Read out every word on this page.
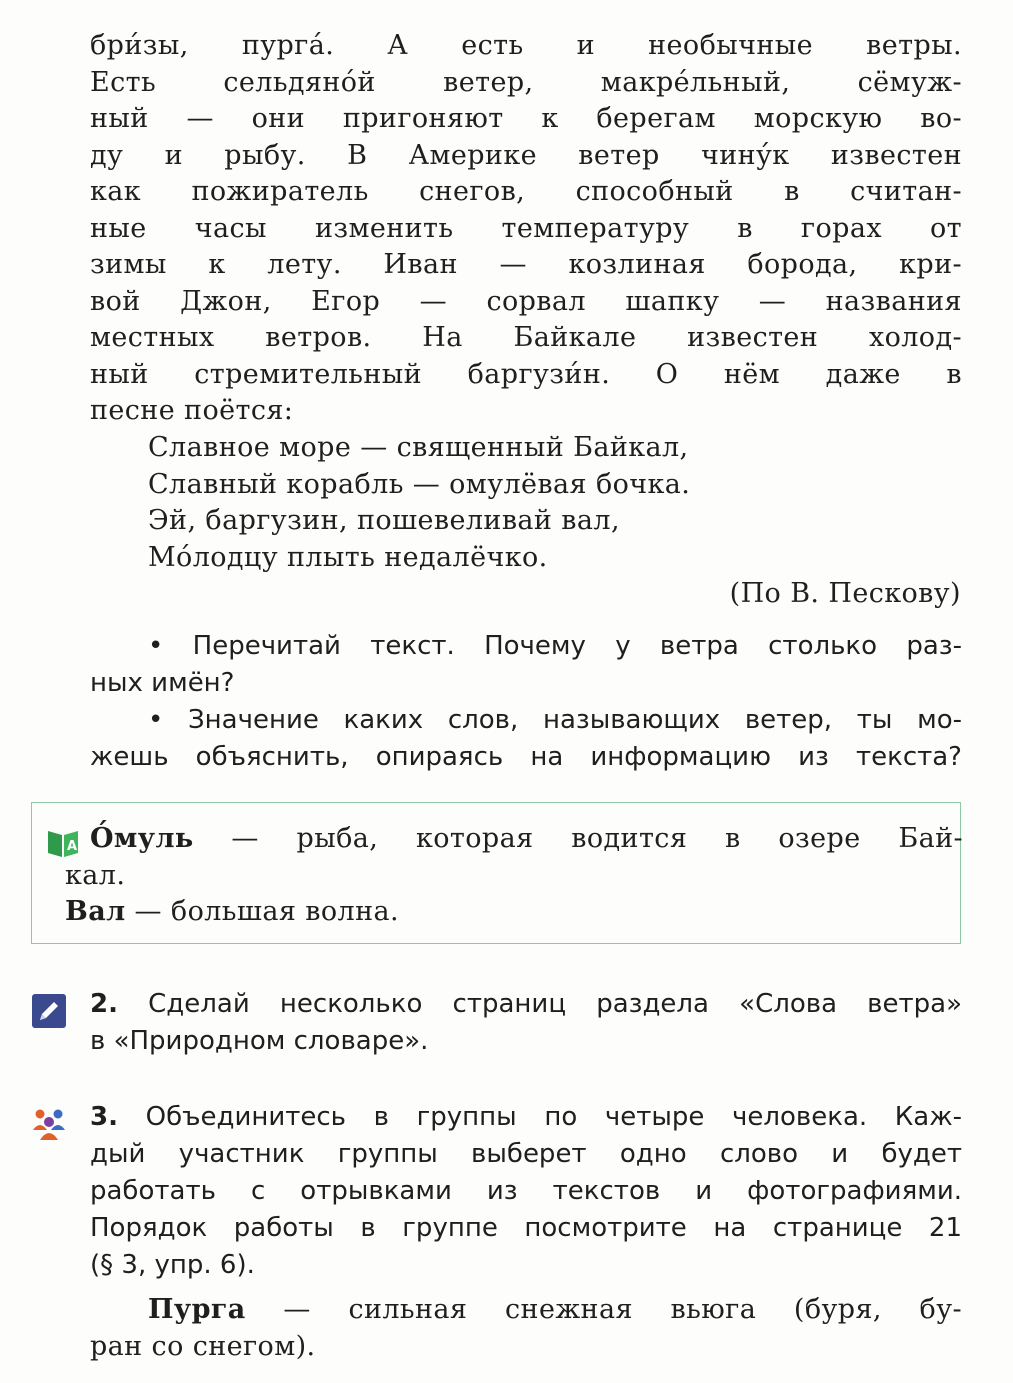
бри́зы, пурга́. А есть и необычные ветры.
Есть сельдяно́й ветер, макре́льный, сёмуж-
ный — они пригоняют к берегам морскую во-
ду и рыбу. В Америке ветер чину́к известен
как пожиратель снегов, способный в считан-
ные часы изменить температуру в горах от
зимы к лету. Иван — козлиная борода, кри-
вой Джон, Егор — сорвал шапку — названия
местных ветров. На Байкале известен холод-
ный стремительный баргузи́н. О нём даже в
песне поётся:
Славное море — священный Байкал,
Славный корабль — омулёвая бочка.
Эй, баргузин, пошевеливай вал,
Мо́лодцу плыть недалёчко.
(По В. Пескову)
• Перечитай текст. Почему у ветра столько раз-
ных имён?
• Значение каких слов, называющих ветер, ты мо-
жешь объяснить, опираясь на информацию из текста?
A О́муль — рыба, которая водится в озере Бай-
кал.
Вал — большая волна.
2. Сделай несколько страниц раздела «Слова ветра»
в «Природном словаре».
3. Объединитесь в группы по четыре человека. Каж-
дый участник группы выберет одно слово и будет
работать с отрывками из текстов и фотографиями.
Порядок работы в группе посмотрите на странице 21
(§ 3, упр. 6).
Пурга — сильная снежная вьюга (буря, бу-
ран со снегом).
